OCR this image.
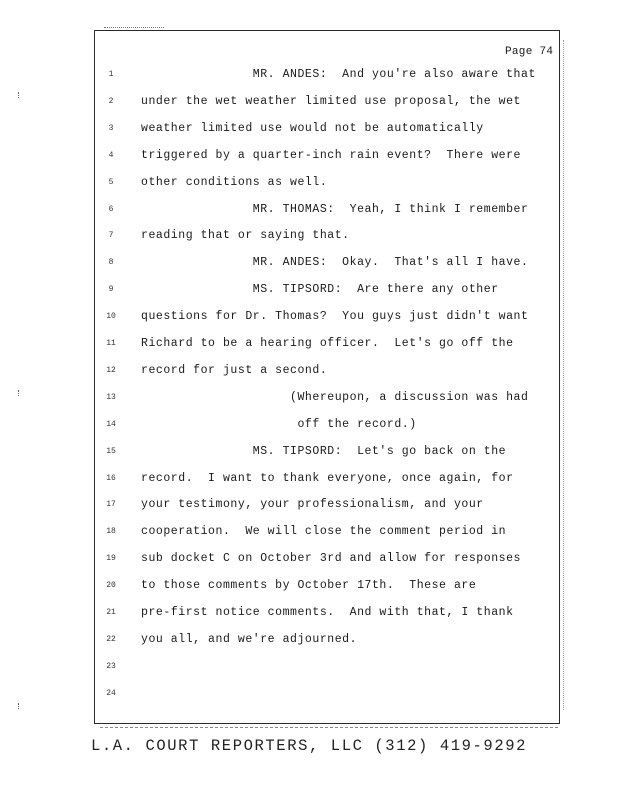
Page 74
1	MR. ANDES:  And you're also aware that
2	under the wet weather limited use proposal, the wet
3	weather limited use would not be automatically
4	triggered by a quarter-inch rain event?  There were
5	other conditions as well.
6	MR. THOMAS:  Yeah, I think I remember
7	reading that or saying that.
8	MR. ANDES:  Okay.  That's all I have.
9	MS. TIPSORD:  Are there any other
10	questions for Dr. Thomas?  You guys just didn't want
11	Richard to be a hearing officer.  Let's go off the
12	record for just a second.
13	(Whereupon, a discussion was had
14	off the record.)
15	MS. TIPSORD:  Let's go back on the
16	record.  I want to thank everyone, once again, for
17	your testimony, your professionalism, and your
18	cooperation.  We will close the comment period in
19	sub docket C on October 3rd and allow for responses
20	to those comments by October 17th.  These are
21	pre-first notice comments.  And with that, I thank
22	you all, and we're adjourned.
23
24
L.A. COURT REPORTERS, LLC (312) 419-9292
